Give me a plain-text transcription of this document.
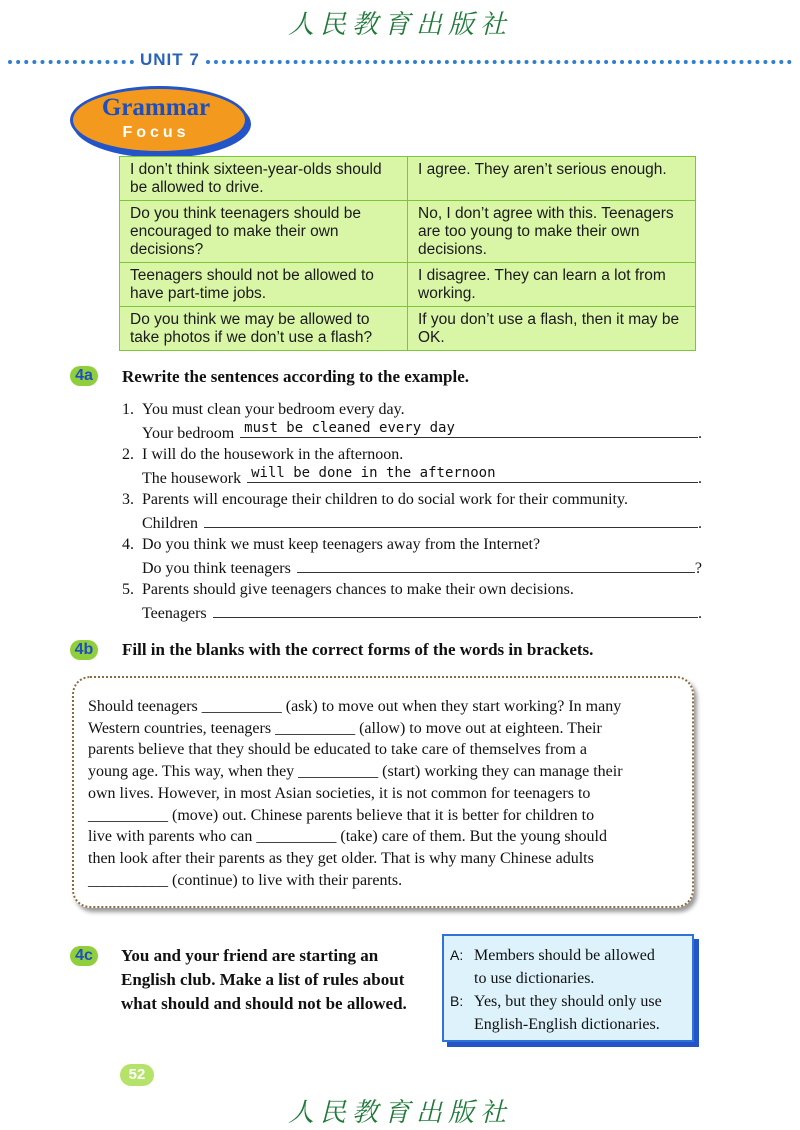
人民教育出版社
UNIT 7
Grammar
Focus
I don’t think sixteen-year-olds should be allowed to drive.	I agree. They aren’t serious enough.
Do you think teenagers should be encouraged to make their own decisions?	No, I don’t agree with this. Teenagers are too young to make their own decisions.
Teenagers should not be allowed to have part-time jobs.	I disagree. They can learn a lot from working.
Do you think we may be allowed to take photos if we don’t use a flash?	If you don’t use a flash, then it may be OK.
4a	Rewrite the sentences according to the example.
1. You must clean your bedroom every day.
Your bedroom must be cleaned every day	.
2. I will do the housework in the afternoon.
The housework will be done in the afternoon	.
3. Parents will encourage their children to do social work for their community.
Children	.
4. Do you think we must keep teenagers away from the Internet?
Do you think teenagers	?
5. Parents should give teenagers chances to make their own decisions.
Teenagers	.
4b Fill in the blanks with the correct forms of the words in brackets.
Should teenagers __________ (ask) to move out when they start working? In many
Western countries, teenagers __________ (allow) to move out at eighteen. Their
parents believe that they should be educated to take care of themselves from a
young age. This way, when they __________ (start) working they can manage their
own lives. However, in most Asian societies, it is not common for teenagers to
__________ (move) out. Chinese parents believe that it is better for children to
live with parents who can __________ (take) care of them. But the young should
then look after their parents as they get older. That is why many Chinese adults
__________ (continue) to live with their parents.
4c	You and your friend are starting an English club. Make a list of rules about what should and should not be allowed.
A: Members should be allowed
to use dictionaries.
B: Yes, but they should only use
English-English dictionaries.
52
人民教育出版社
